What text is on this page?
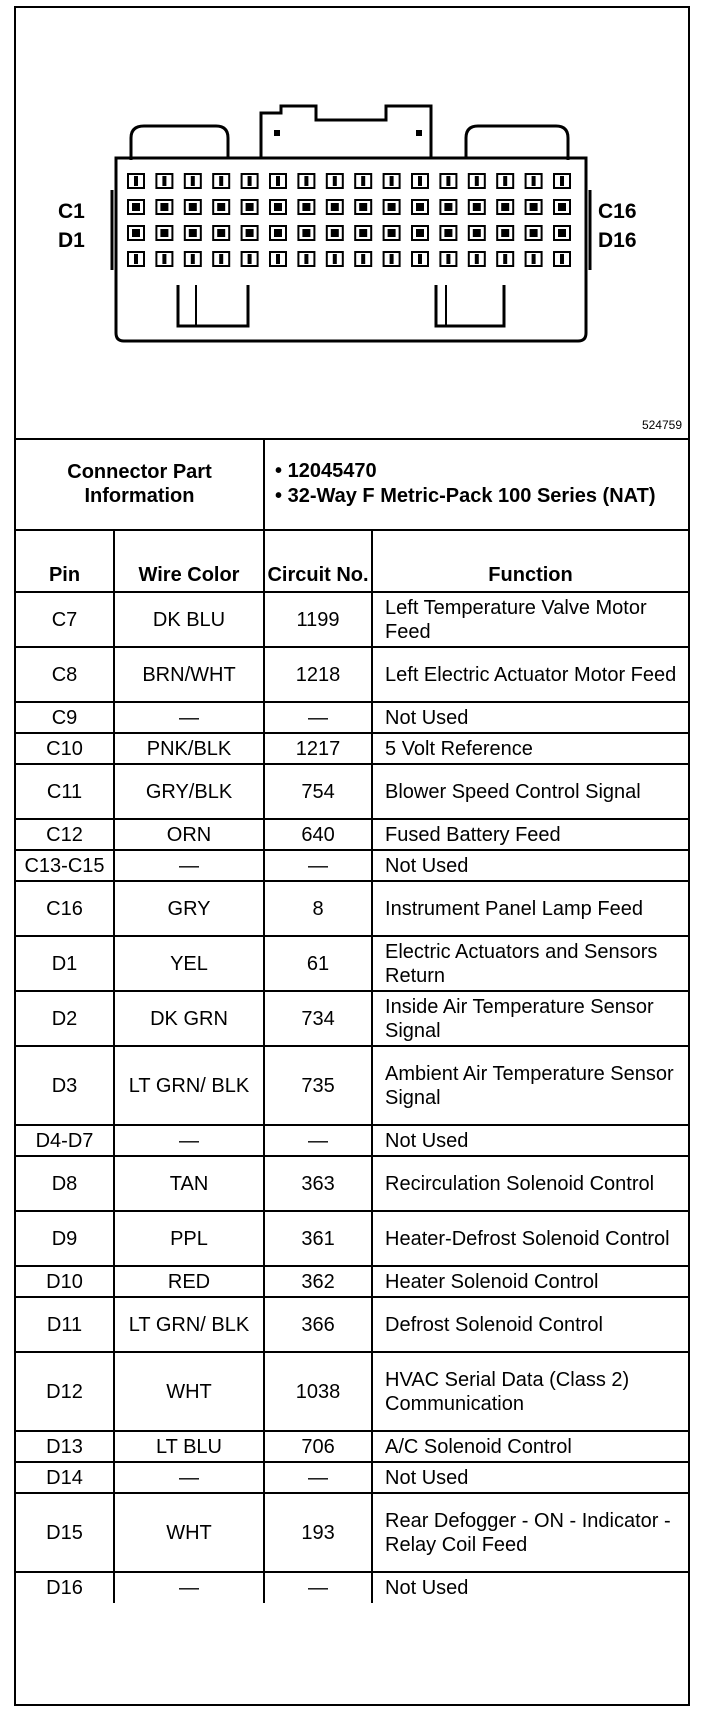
C1
D1
C16
D16
524759
Connector Part Information		• 12045470
• 32-Way F Metric-Pack 100 Series (NAT)

Pin	Wire Color	Circuit No.	Function
C7	DK BLU	1199	Left Temperature Valve Motor Feed
C8	BRN/WHT	1218	Left Electric Actuator Motor Feed
C9	—	—	Not Used
C10	PNK/BLK	1217	5 Volt Reference
C11	GRY/BLK	754	Blower Speed Control Signal
C12	ORN	640	Fused Battery Feed
C13-C15	—	—	Not Used
C16	GRY	8	Instrument Panel Lamp Feed
D1	YEL	61	Electric Actuators and Sensors Return
D2	DK GRN	734	Inside Air Temperature Sensor Signal
D3	LT GRN/ BLK	735	Ambient Air Temperature Sensor Signal
D4-D7	—	—	Not Used
D8	TAN	363	Recirculation Solenoid Control
D9	PPL	361	Heater-Defrost Solenoid Control
D10	RED	362	Heater Solenoid Control
D11	LT GRN/ BLK	366	Defrost Solenoid Control
D12	WHT	1038	HVAC Serial Data (Class 2) Communication
D13	LT BLU	706	A/C Solenoid Control
D14	—	—	Not Used
D15	WHT	193	Rear Defogger - ON - Indicator - Relay Coil Feed
D16	—	—	Not Used
